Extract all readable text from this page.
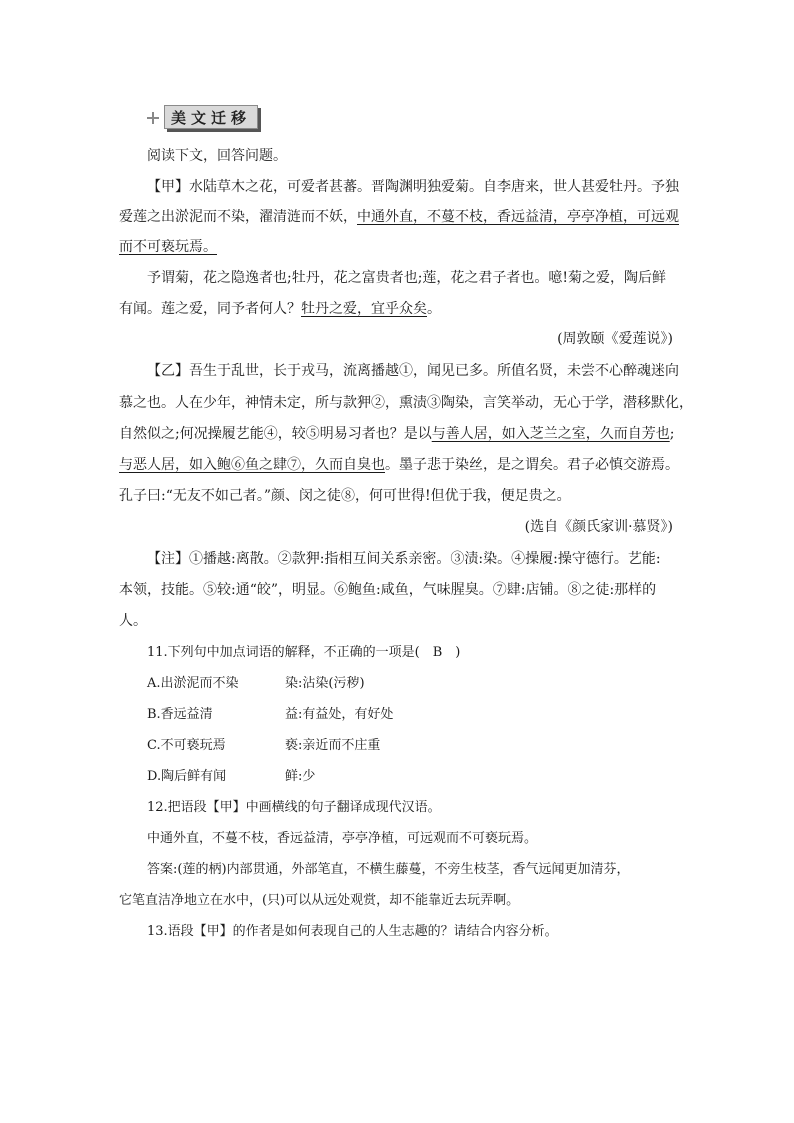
美文迁移
阅读下文，回答问题。
【甲】水陆草木之花，可爱者甚蕃。晋陶渊明独爱菊。自李唐来，世人甚爱牡丹。予独
爱莲之出淤泥而不染，濯清涟而不妖，中通外直，不蔓不枝，香远益清，亭亭净植，可远观
而不可亵玩焉。
予谓菊，花之隐逸者也;牡丹，花之富贵者也;莲，花之君子者也。噫!菊之爱，陶后鲜
有闻。莲之爱，同予者何人？牡丹之爱，宜乎众矣。
(周敦颐《爱莲说》)
【乙】吾生于乱世，长于戎马，流离播越①，闻见已多。所值名贤，未尝不心醉魂迷向
慕之也。人在少年，神情未定，所与款狎②，熏渍③陶染，言笑举动，无心于学，潜移默化，
自然似之;何况操履艺能④，较⑤明易习者也？是以与善人居，如入芝兰之室，久而自芳也;
与恶人居，如入鲍⑥鱼之肆⑦，久而自臭也。墨子悲于染丝，是之谓矣。君子必慎交游焉。
孔子曰:“无友不如己者。”颜、闵之徒⑧，何可世得!但优于我，便足贵之。
(选自《颜氏家训·慕贤》)
【注】①播越:离散。②款狎:指相互间关系亲密。③渍:染。④操履:操守德行。艺能:
本领，技能。⑤较:通“皎”，明显。⑥鲍鱼:咸鱼，气味腥臭。⑦肆:店铺。⑧之徒:那样的
人。
11.下列句中加点词语的解释，不正确的一项是(　B　)
A.出淤泥而不染	染:沾染(污秽)
B.香远益清	益:有益处，有好处
C.不可亵玩焉	亵:亲近而不庄重
D.陶后鲜有闻	鲜:少
12.把语段【甲】中画横线的句子翻译成现代汉语。
中通外直，不蔓不枝，香远益清，亭亭净植，可远观而不可亵玩焉。
答案:(莲的柄)内部贯通，外部笔直，不横生藤蔓，不旁生枝茎，香气远闻更加清芬，
它笔直洁净地立在水中，(只)可以从远处观赏，却不能靠近去玩弄啊。
13.语段【甲】的作者是如何表现自己的人生志趣的？请结合内容分析。
